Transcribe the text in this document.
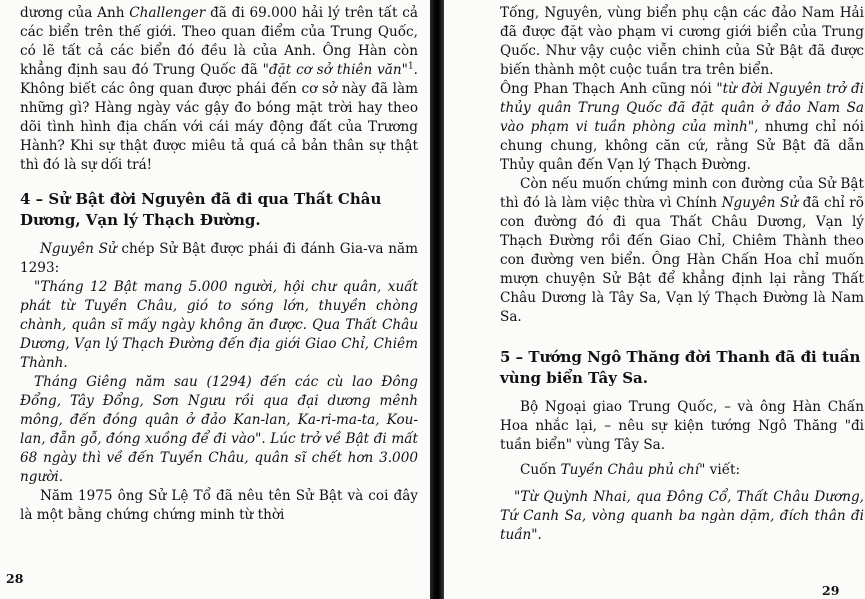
dương của Anh Challenger đã đi 69.000 hải lý trên tất cả các biển trên thế giới. Theo quan điểm của Trung Quốc, có lẽ tất cả các biển đó đều là của Anh. Ông Hàn còn khẳng định sau đó Trung Quốc đã "đặt cơ sở thiên văn"$^1$. Không biết các ông quan được phái đến cơ sở này đã làm những gì? Hàng ngày vác gậy đo bóng mặt trời hay theo dõi tình hình địa chấn với cái máy động đất của Trương Hành? Khi sự thật được miêu tả quá cả bản thân sự thật thì đó là sự dối trá!

4 – Sử Bật đời Nguyên đã đi qua Thất Châu Dương, Vạn lý Thạch Đường.

Nguyên Sử chép Sử Bật được phái đi đánh Gia-va năm 1293:

"Tháng 12 Bật mang 5.000 người, hội chư quân, xuất phát từ Tuyền Châu, gió to sóng lớn, thuyền chòng chành, quân sĩ mấy ngày không ăn được. Qua Thất Châu Dương, Vạn lý Thạch Đường đến địa giới Giao Chỉ, Chiêm Thành.

Tháng Giêng năm sau (1294) đến các cù lao Đông Đổng, Tây Đổng, Sơn Ngưu rồi qua đại dương mênh mông, đến đóng quân ở đảo Kan-lan, Ka-ri-ma-ta, Kou-lan, đẵn gỗ, đóng xuồng để đi vào". Lúc trở về Bật đi mất 68 ngày thì về đến Tuyền Châu, quân sĩ chết hơn 3.000 người.

Năm 1975 ông Sử Lệ Tổ đã nêu tên Sử Bật và coi đây là một bằng chứng chứng minh từ thời

28

Tống, Nguyên, vùng biển phụ cận các đảo Nam Hải đã được đặt vào phạm vi cương giới biển của Trung Quốc. Như vậy cuộc viễn chinh của Sử Bật đã được biến thành một cuộc tuần tra trên biển.

Ông Phan Thạch Anh cũng nói "từ đời Nguyên trở đi thủy quân Trung Quốc đã đặt quân ở đảo Nam Sa vào phạm vi tuần phòng của mình", nhưng chỉ nói chung chung, không căn cứ, rằng Sử Bật đã dẫn Thủy quân đến Vạn lý Thạch Đường.

Còn nếu muốn chứng minh con đường của Sử Bật thì đó là làm việc thừa vì Chính Nguyên Sử đã chỉ rõ con đường đó đi qua Thất Châu Dương, Vạn lý Thạch Đường rồi đến Giao Chỉ, Chiêm Thành theo con đường ven biển. Ông Hàn Chấn Hoa chỉ muốn mượn chuyện Sử Bật để khẳng định lại rằng Thất Châu Dương là Tây Sa, Vạn lý Thạch Đường là Nam Sa.

5 – Tướng Ngô Thăng đời Thanh đã đi tuần vùng biển Tây Sa.

Bộ Ngoại giao Trung Quốc, – và ông Hàn Chấn Hoa nhắc lại, – nêu sự kiện tướng Ngô Thăng "đi tuần biển" vùng Tây Sa.

Cuốn Tuyền Châu phủ chí" viết:

"Từ Quỳnh Nhai, qua Đông Cổ, Thất Châu Dương, Tứ Canh Sa, vòng quanh ba ngàn dặm, đích thân đi tuần".

29
